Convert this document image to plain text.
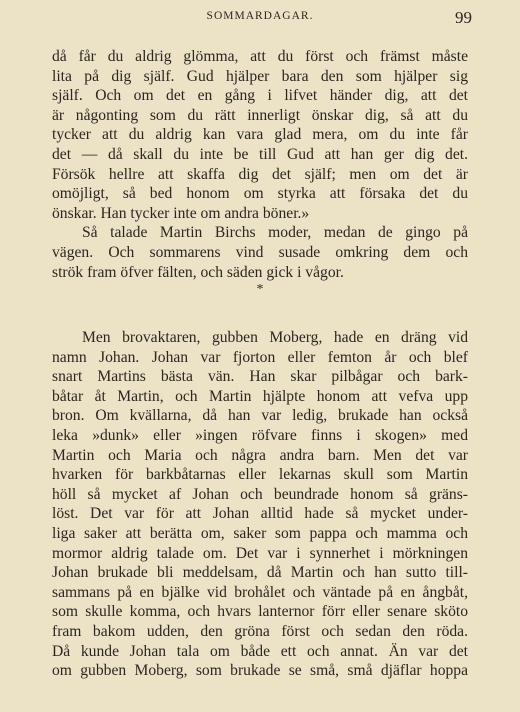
SOMMARDAGAR.	99
då får du aldrig glömma, att du först och främst måste
lita på dig själf. Gud hjälper bara den som hjälper sig
själf. Och om det en gång i lifvet händer dig, att det
är någonting som du rätt innerligt önskar dig, så att du
tycker att du aldrig kan vara glad mera, om du inte får
det — då skall du inte be till Gud att han ger dig det.
Försök hellre att skaffa dig det själf; men om det är
omöjligt, så bed honom om styrka att försaka det du
önskar. Han tycker inte om andra böner.»
Så talade Martin Birchs moder, medan de gingo på
vägen. Och sommarens vind susade omkring dem och
strök fram öfver fälten, och säden gick i vågor.
*
Men brovaktaren, gubben Moberg, hade en dräng vid
namn Johan. Johan var fjorton eller femton år och blef
snart Martins bästa vän. Han skar pilbågar och bark-
båtar åt Martin, och Martin hjälpte honom att vefva upp
bron. Om kvällarna, då han var ledig, brukade han också
leka »dunk» eller »ingen röfvare finns i skogen» med
Martin och Maria och några andra barn. Men det var
hvarken för barkbåtarnas eller lekarnas skull som Martin
höll så mycket af Johan och beundrade honom så gräns-
löst. Det var för att Johan alltid hade så mycket under-
liga saker att berätta om, saker som pappa och mamma och
mormor aldrig talade om. Det var i synnerhet i mörkningen
Johan brukade bli meddelsam, då Martin och han sutto till-
sammans på en bjälke vid brohålet och väntade på en ångbåt,
som skulle komma, och hvars lanternor förr eller senare sköto
fram bakom udden, den gröna först och sedan den röda.
Då kunde Johan tala om både ett och annat. Än var det
om gubben Moberg, som brukade se små, små djäflar hoppa
